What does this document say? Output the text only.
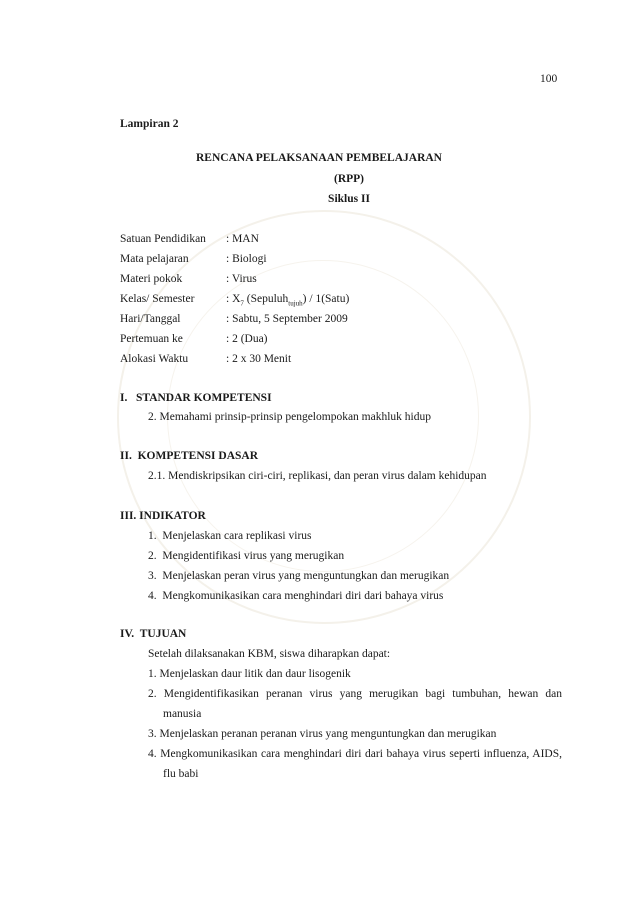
100
Lampiran 2
RENCANA PELAKSANAAN PEMBELAJARAN
(RPP)
Siklus II
Satuan Pendidikan : MAN
Mata pelajaran	: Biologi
Materi pokok	: Virus
Kelas/ Semester	: $X_7$ (Sepuluh$_{tujuh}$) / 1(Satu)
Hari/Tanggal	: Sabtu, 5 September 2009
Pertemuan ke	: 2 (Dua)
Alokasi Waktu	: 2 x 30 Menit
I.   STANDAR KOMPETENSI
2. Memahami prinsip-prinsip pengelompokan makhluk hidup
II.  KOMPETENSI DASAR
2.1. Mendiskripsikan ciri-ciri, replikasi, dan peran virus dalam kehidupan
III. INDIKATOR
1.  Menjelaskan cara replikasi virus
2.  Mengidentifikasi virus yang merugikan
3.  Menjelaskan peran virus yang menguntungkan dan merugikan
4.  Mengkomunikasikan cara menghindari diri dari bahaya virus
IV.  TUJUAN
Setelah dilaksanakan KBM, siswa diharapkan dapat:
1. Menjelaskan daur litik dan daur lisogenik
2. Mengidentifikasikan peranan virus yang merugikan bagi tumbuhan, hewan dan
manusia
3. Menjelaskan peranan peranan virus yang menguntungkan dan merugikan
4. Mengkomunikasikan cara menghindari diri dari bahaya virus seperti influenza, AIDS,
flu babi
